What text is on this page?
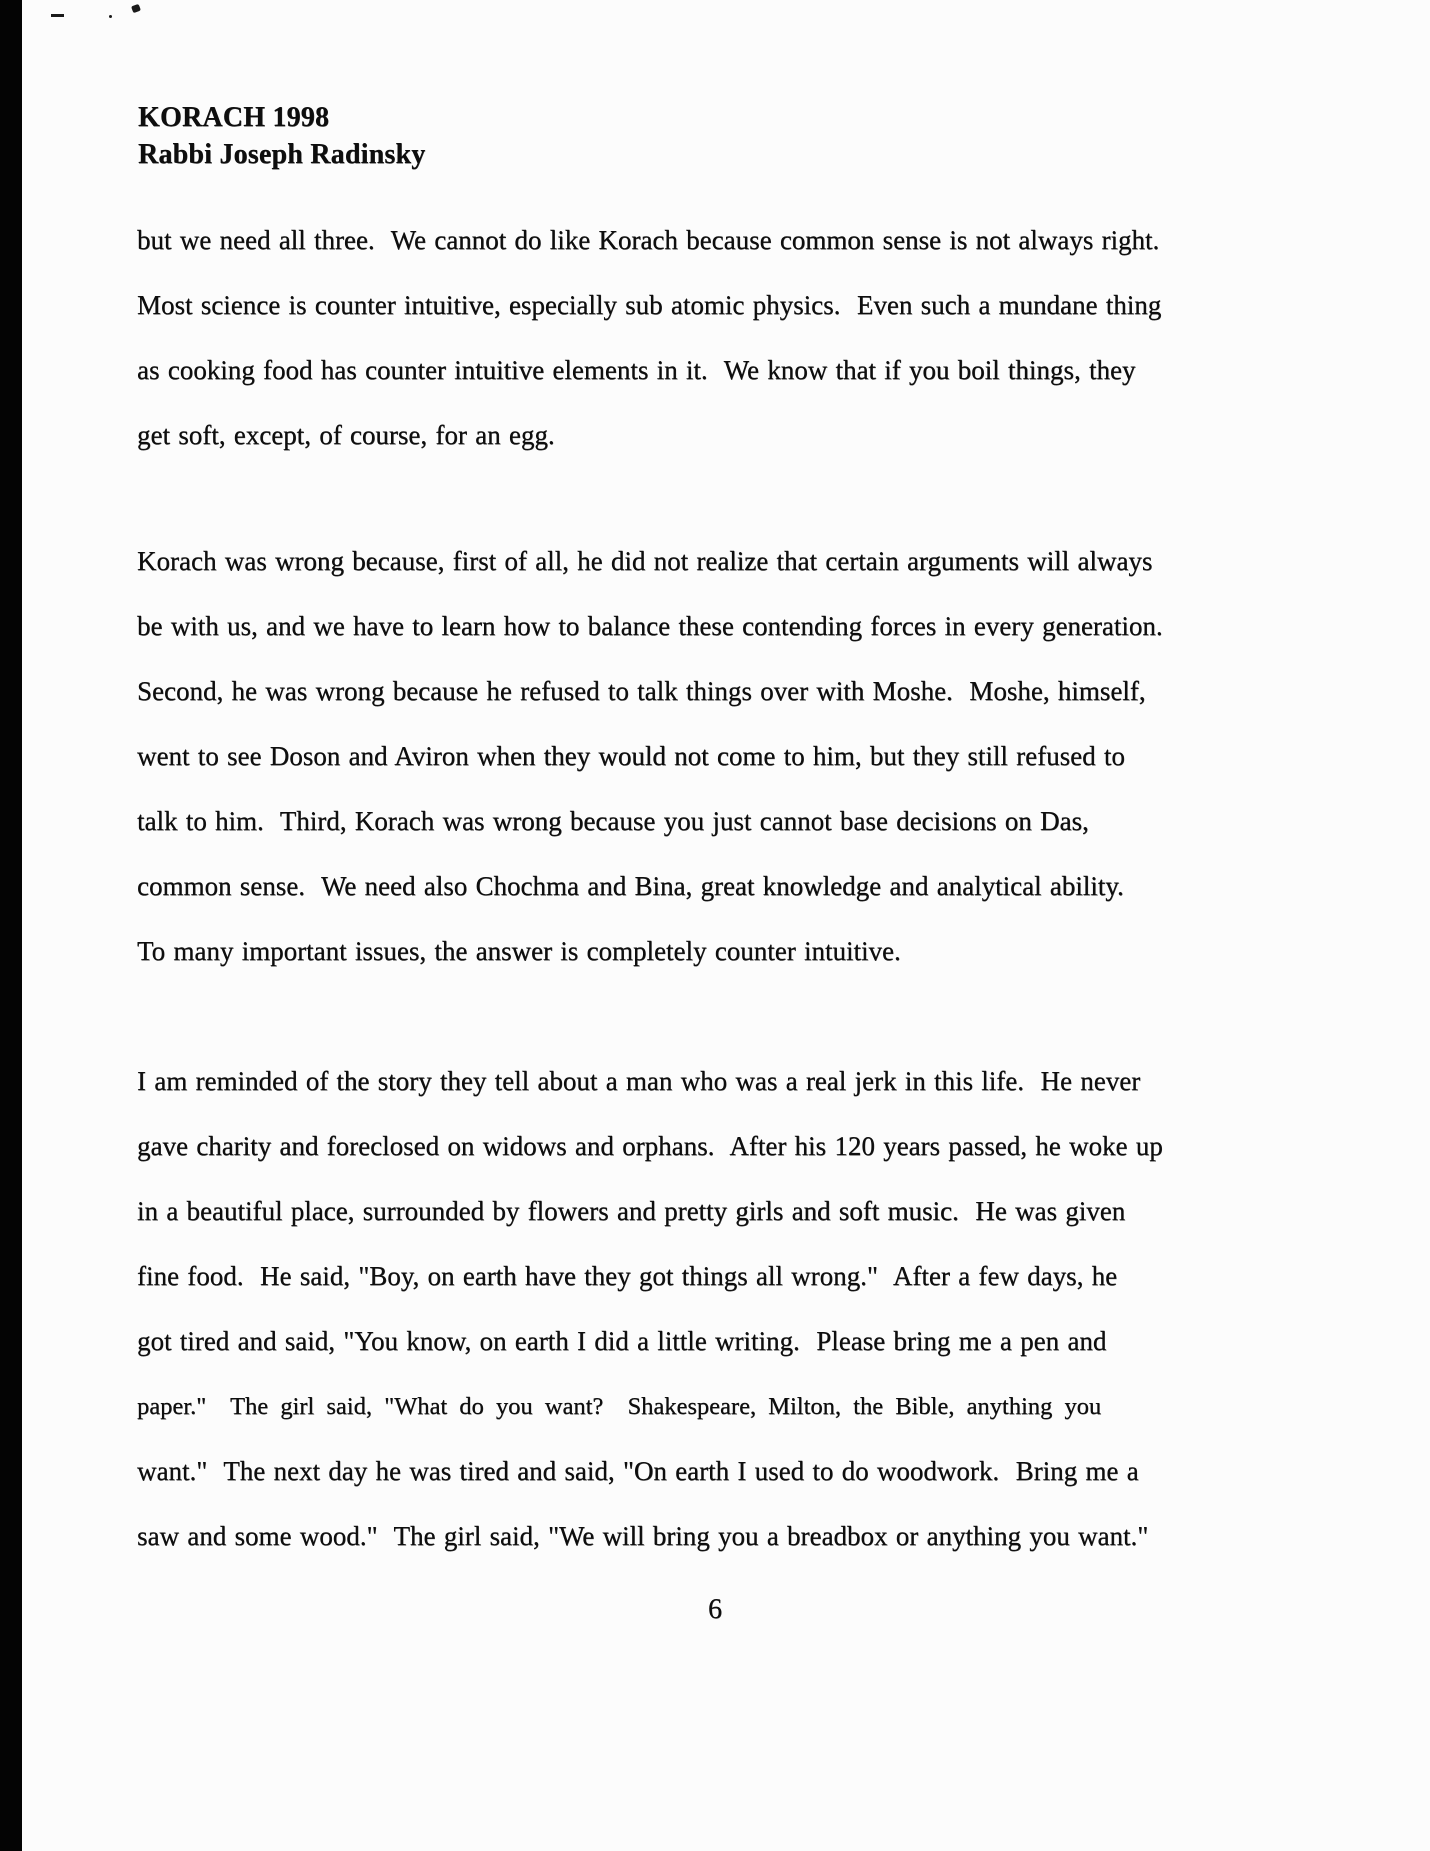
KORACH 1998
Rabbi Joseph Radinsky
but we need all three.  We cannot do like Korach because common sense is not always right.
Most science is counter intuitive, especially sub atomic physics.  Even such a mundane thing
as cooking food has counter intuitive elements in it.  We know that if you boil things, they
get soft, except, of course, for an egg.
Korach was wrong because, first of all, he did not realize that certain arguments will always
be with us, and we have to learn how to balance these contending forces in every generation.
Second, he was wrong because he refused to talk things over with Moshe.  Moshe, himself,
went to see Doson and Aviron when they would not come to him, but they still refused to
talk to him.  Third, Korach was wrong because you just cannot base decisions on Das,
common sense.  We need also Chochma and Bina, great knowledge and analytical ability.
To many important issues, the answer is completely counter intuitive.
I am reminded of the story they tell about a man who was a real jerk in this life.  He never
gave charity and foreclosed on widows and orphans.  After his 120 years passed, he woke up
in a beautiful place, surrounded by flowers and pretty girls and soft music.  He was given
fine food.  He said, "Boy, on earth have they got things all wrong."  After a few days, he
got tired and said, "You know, on earth I did a little writing.  Please bring me a pen and
paper."  The girl said, "What do you want?  Shakespeare, Milton, the Bible, anything you
want."  The next day he was tired and said, "On earth I used to do woodwork.  Bring me a
saw and some wood."  The girl said, "We will bring you a breadbox or anything you want."
6
